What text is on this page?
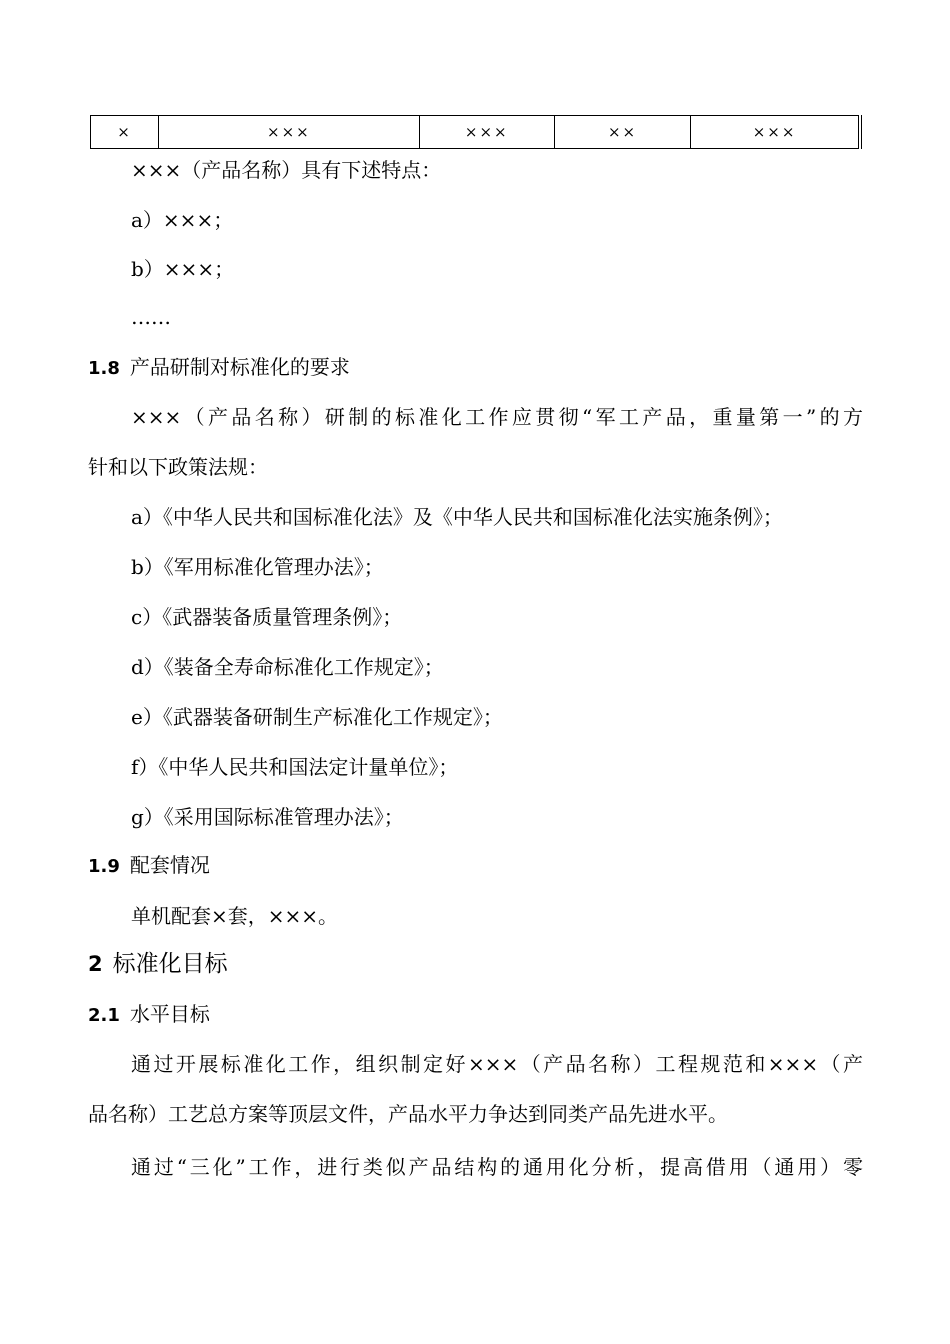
×	×××	×××	××	×××
×××（产品名称）具有下述特点：
a）×××；
b）×××；
……
1.8 产品研制对标准化的要求
×××（产品名称）研制的标准化工作应贯彻“军工产品，重量第一”的方
针和以下政策法规：
a）《中华人民共和国标准化法》及《中华人民共和国标准化法实施条例》；
b）《军用标准化管理办法》；
c）《武器装备质量管理条例》；
d）《装备全寿命标准化工作规定》；
e）《武器装备研制生产标准化工作规定》；
f）《中华人民共和国法定计量单位》；
g）《采用国际标准管理办法》；
1.9 配套情况
单机配套×套，×××。
2 标准化目标
2.1 水平目标
通过开展标准化工作，组织制定好×××（产品名称）工程规范和×××（产
品名称）工艺总方案等顶层文件，产品水平力争达到同类产品先进水平。
通过“三化”工作，进行类似产品结构的通用化分析，提高借用（通用）零
